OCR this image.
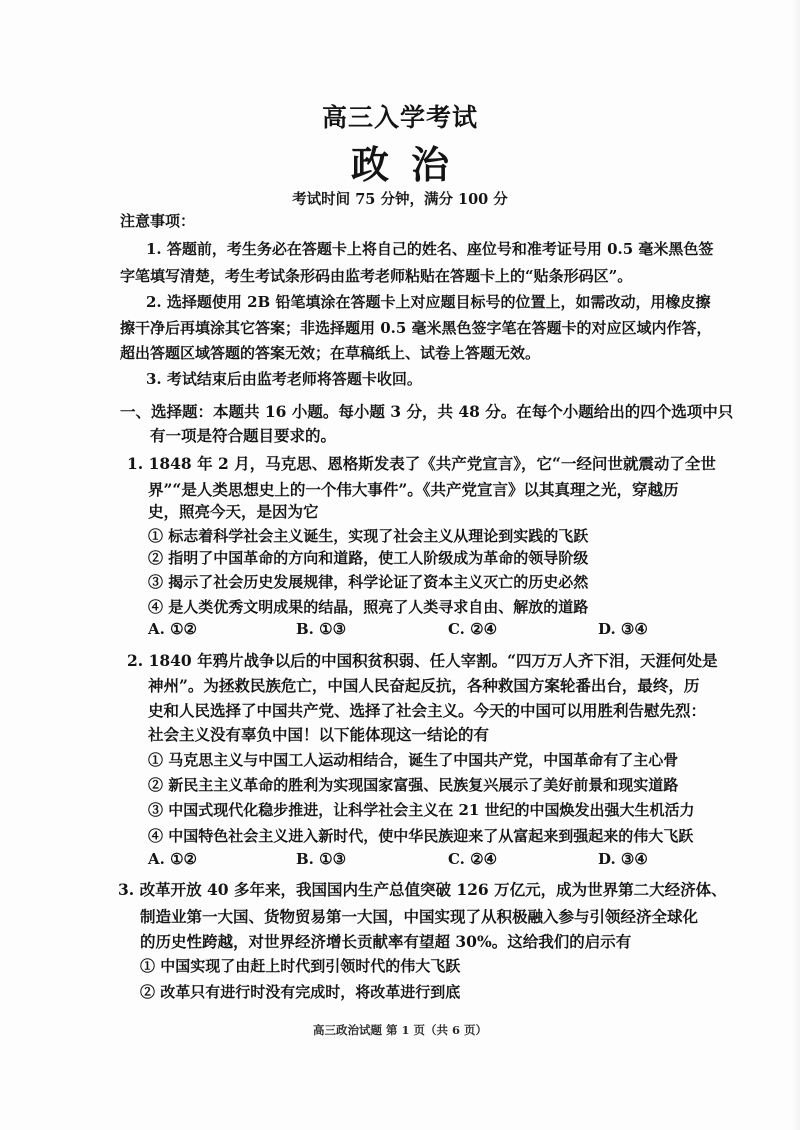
高三入学考试
政治
考试时间 75 分钟，满分 100 分
注意事项：
1. 答题前，考生务必在答题卡上将自己的姓名、座位号和准考证号用 0.5 毫米黑色签
字笔填写清楚，考生考试条形码由监考老师粘贴在答题卡上的“贴条形码区”。
2. 选择题使用 2B 铅笔填涂在答题卡上对应题目标号的位置上，如需改动，用橡皮擦
擦干净后再填涂其它答案；非选择题用 0.5 毫米黑色签字笔在答题卡的对应区域内作答，
超出答题区域答题的答案无效；在草稿纸上、试卷上答题无效。
3. 考试结束后由监考老师将答题卡收回。
一、选择题：本题共 16 小题。每小题 3 分，共 48 分。在每个小题给出的四个选项中只
有一项是符合题目要求的。
1. 1848 年 2 月，马克思、恩格斯发表了《共产党宣言》，它“一经问世就震动了全世
界”“是人类思想史上的一个伟大事件”。《共产党宣言》以其真理之光，穿越历
史，照亮今天，是因为它
① 标志着科学社会主义诞生，实现了社会主义从理论到实践的飞跃
② 指明了中国革命的方向和道路，使工人阶级成为革命的领导阶级
③ 揭示了社会历史发展规律，科学论证了资本主义灭亡的历史必然
④ 是人类优秀文明成果的结晶，照亮了人类寻求自由、解放的道路
A. ①②	B. ①③	C. ②④	D. ③④
2. 1840 年鸦片战争以后的中国积贫积弱、任人宰割。“四万万人齐下泪，天涯何处是
神州”。为拯救民族危亡，中国人民奋起反抗，各种救国方案轮番出台，最终，历
史和人民选择了中国共产党、选择了社会主义。今天的中国可以用胜利告慰先烈：
社会主义没有辜负中国！以下能体现这一结论的有
① 马克思主义与中国工人运动相结合，诞生了中国共产党，中国革命有了主心骨
② 新民主主义革命的胜利为实现国家富强、民族复兴展示了美好前景和现实道路
③ 中国式现代化稳步推进，让科学社会主义在 21 世纪的中国焕发出强大生机活力
④ 中国特色社会主义进入新时代，使中华民族迎来了从富起来到强起来的伟大飞跃
A. ①②	B. ①③	C. ②④	D. ③④
3. 改革开放 40 多年来，我国国内生产总值突破 126 万亿元，成为世界第二大经济体、
制造业第一大国、货物贸易第一大国，中国实现了从积极融入参与引领经济全球化
的历史性跨越，对世界经济增长贡献率有望超 30%。这给我们的启示有
① 中国实现了由赶上时代到引领时代的伟大飞跃
② 改革只有进行时没有完成时，将改革进行到底
高三政治试题 第 1 页（共 6 页）
